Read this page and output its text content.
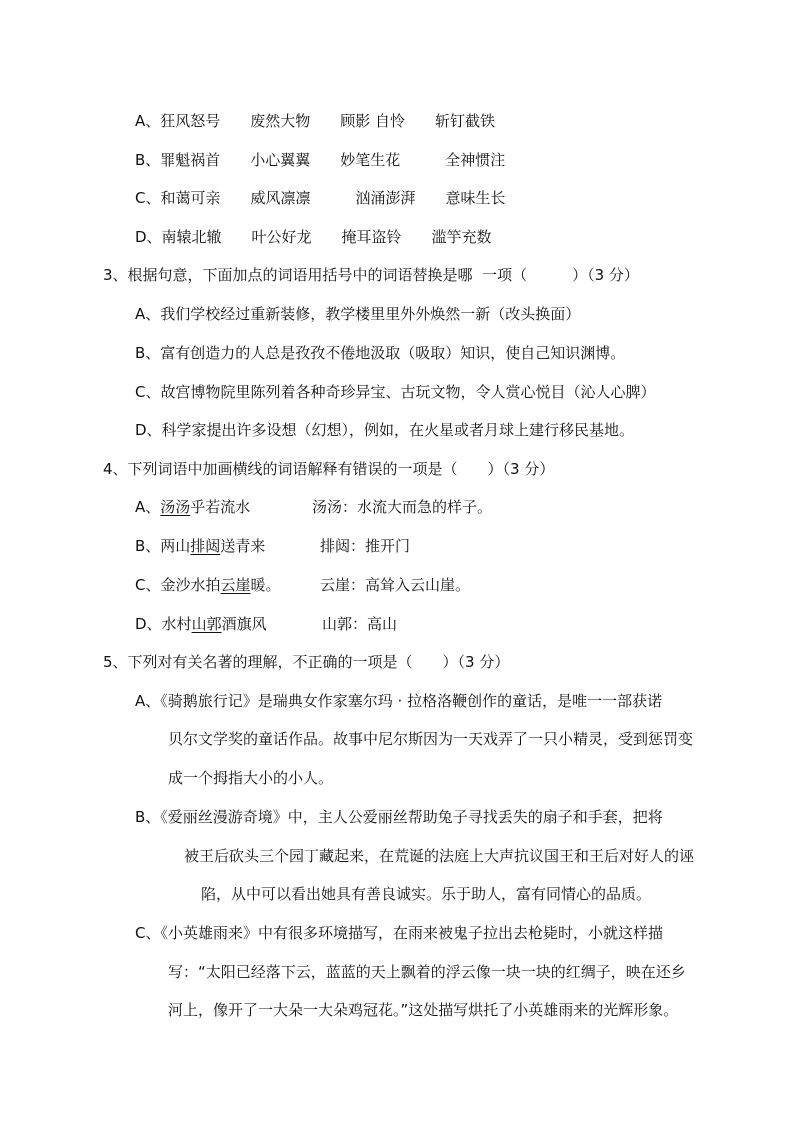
A、狂风怒号　　废然大物　　顾影 自怜　　斩钉截铁
B、罪魁祸首　　小心翼翼　　妙笔生花　　　全神惯注
C、和蔼可亲　　威风凛凛　　　汹涌澎湃　　意味生长
D、南辕北辙　　叶公好龙　　掩耳盗铃　　滥竽充数
3、根据句意，下面加点的词语用括号中的词语替换是哪  一项（　　　）（3 分）
A、我们学校经过重新装修，教学楼里里外外焕然一新（改头换面）
B、富有创造力的人总是孜孜不倦地汲取（吸取）知识，使自己知识渊博。
C、故宫博物院里陈列着各种奇珍异宝、古玩文物，令人赏心悦目（沁人心脾）
D、科学家提出许多设想（幻想），例如，在火星或者月球上建行移民基地。
4、下列词语中加画横线的词语解释有错误的一项是（　　）（3 分）
A、汤汤乎若流水	汤汤：水流大而急的样子。
B、两山排闼送青来	排闼：推开门
C、金沙水拍云崖暖。	云崖：高耸入云山崖。
D、水村山郭酒旗风	山郭：高山
5、下列对有关名著的理解，不正确的一项是（　　）（3 分）
A、《骑鹅旅行记》是瑞典女作家塞尔玛 · 拉格洛鞭创作的童话，是唯一一部获诺
贝尔文学奖的童话作品。故事中尼尔斯因为一天戏弄了一只小精灵，受到惩罚变
成一个拇指大小的小人。
B、《爱丽丝漫游奇境》中，主人公爱丽丝帮助兔子寻找丢失的扇子和手套，把将
被王后砍头三个园丁藏起来，在荒诞的法庭上大声抗议国王和王后对好人的诬
陷，从中可以看出她具有善良诚实。乐于助人，富有同情心的品质。
C、《小英雄雨来》中有很多环境描写，在雨来被鬼子拉出去枪毙时，小就这样描
写：“太阳已经落下云，蓝蓝的天上飘着的浮云像一块一块的红绸子，映在还乡
河上，像开了一大朵一大朵鸡冠花。”这处描写烘托了小英雄雨来的光辉形象。
